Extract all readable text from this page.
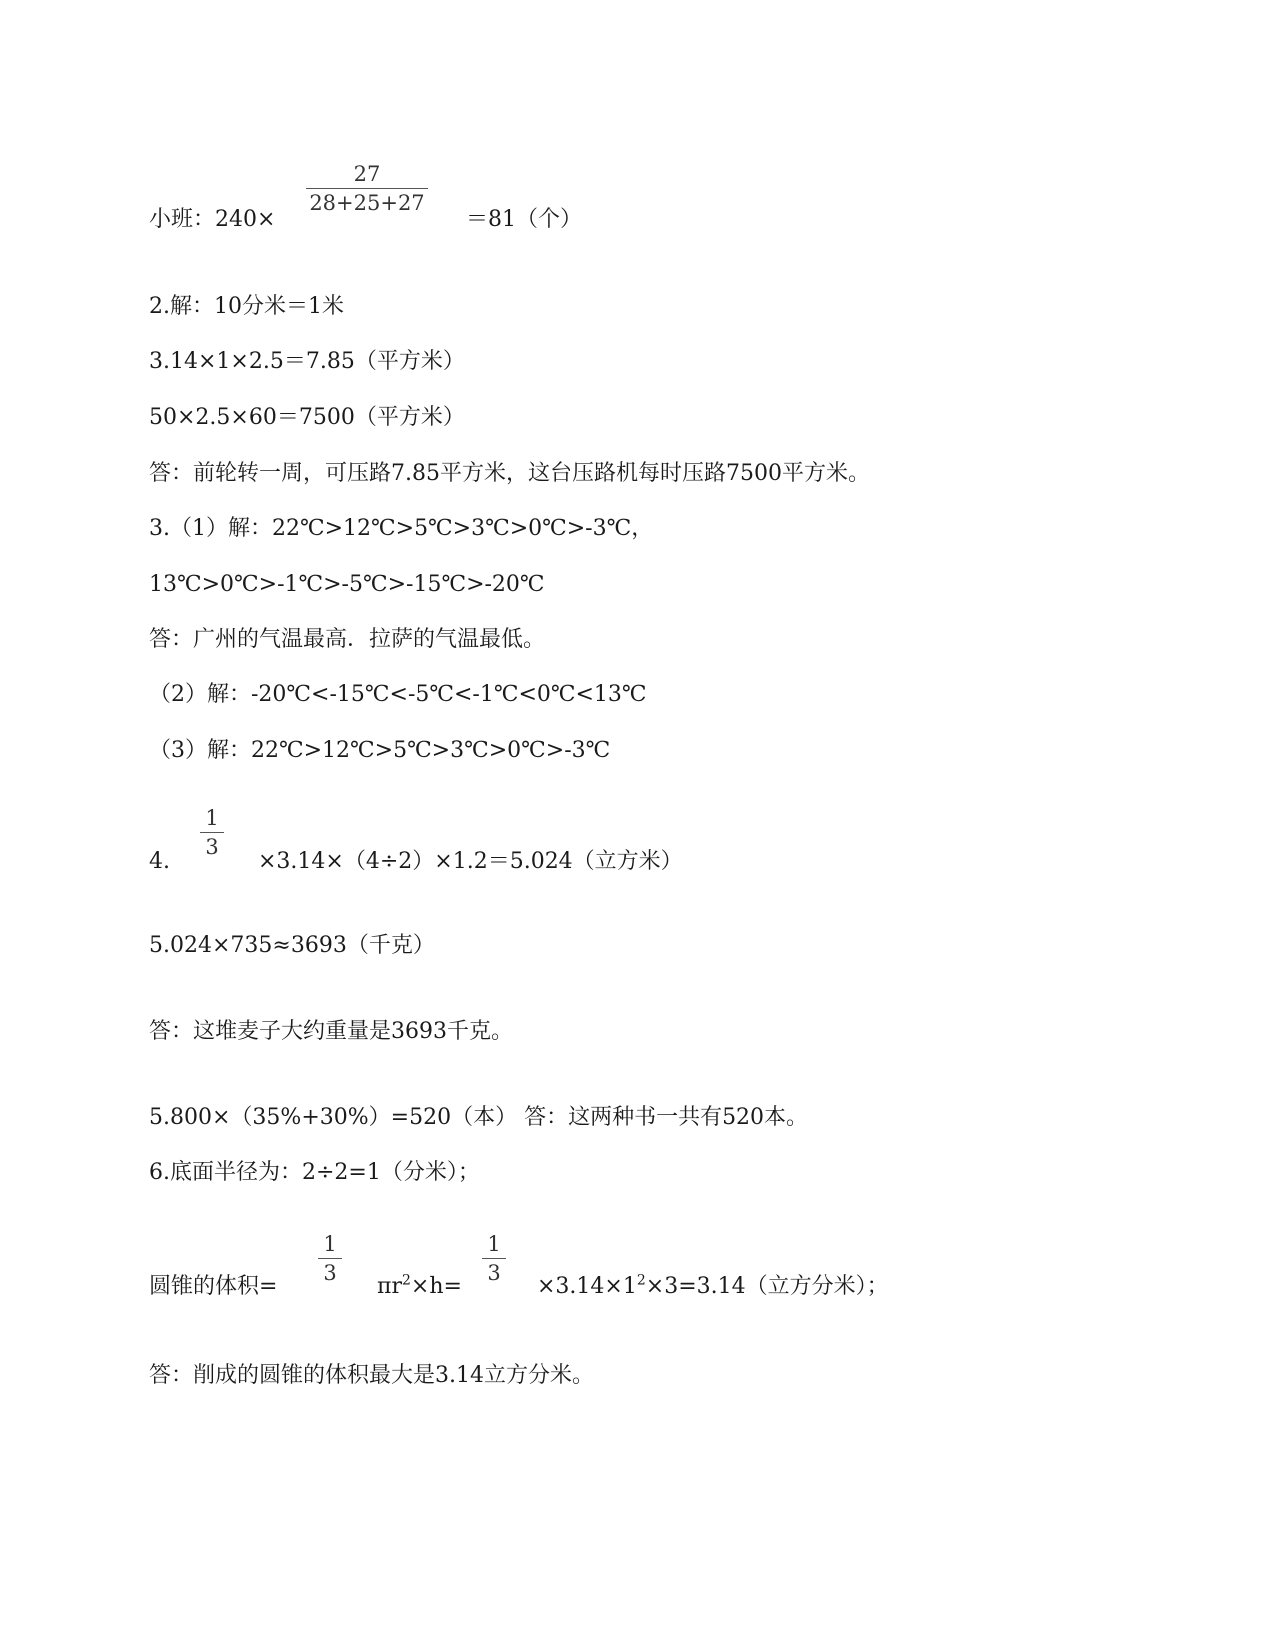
小班：240×
27
28+25+27
＝81（个）
2.解：10分米＝1米
3.14×1×2.5＝7.85（平方米）
50×2.5×60＝7500（平方米）
答：前轮转一周，可压路7.85平方米，这台压路机每时压路7500平方米。
3.（1）解：22℃>12℃>5℃>3℃>0℃>-3℃，
13℃>0℃>-1℃>-5℃>-15℃>-20℃
答：广州的气温最高．拉萨的气温最低。
（2）解：-20℃<-15℃<-5℃<-1℃<0℃<13℃
（3）解：22℃>12℃>5℃>3℃>0℃>-3℃
4.
1
3
×3.14×（4÷2）×1.2＝5.024（立方米）
5.024×735≈3693（千克）
答：这堆麦子大约重量是3693千克。
5.800×（35%+30%）=520（本） 答：这两种书一共有520本。
6.底面半径为：2÷2=1（分米）；
圆锥的体积=
1
3
$\pi r^2\times h=$
1
3
$\times 3.14\times 1^2\times 3=3.14$（立方分米）；
答：削成的圆锥的体积最大是3.14立方分米。
